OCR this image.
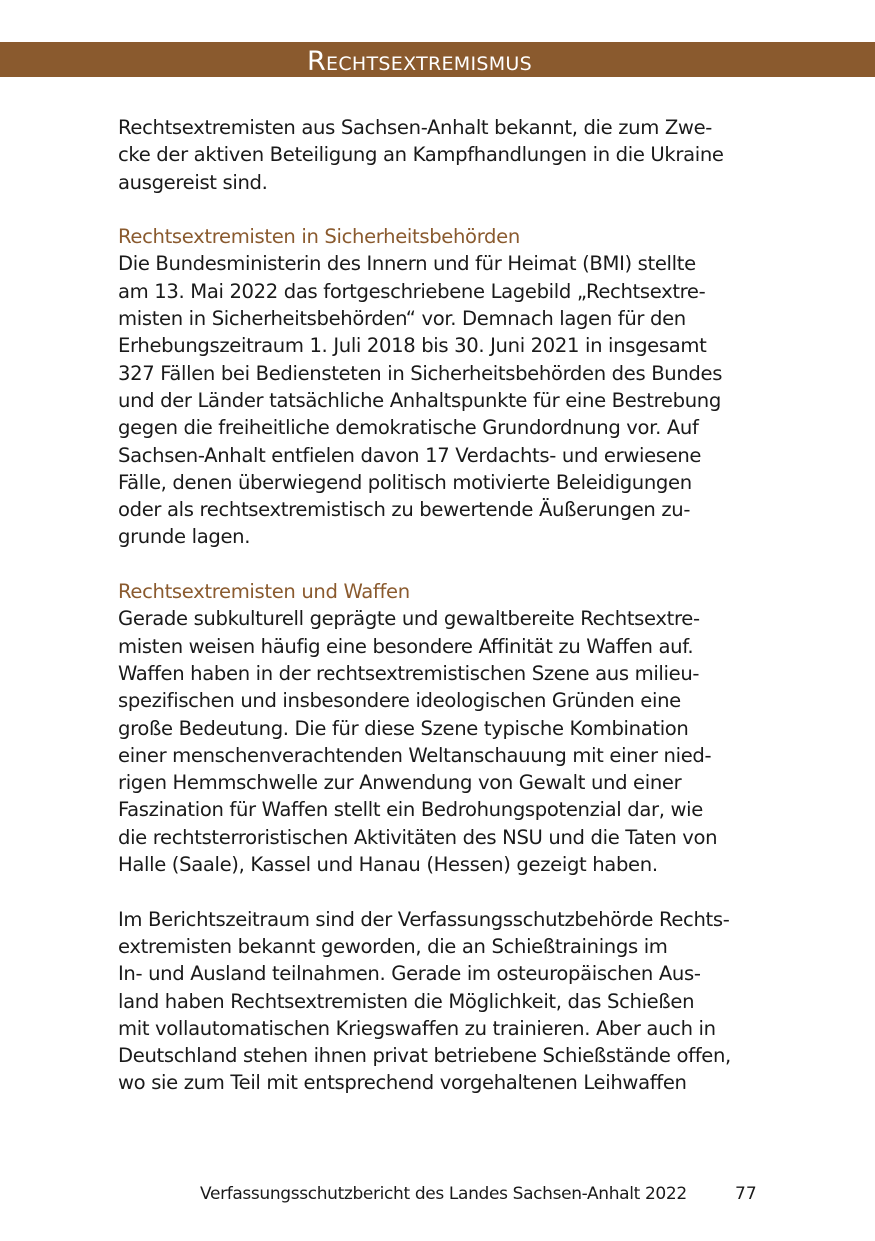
Rechtsextremismus
Rechtsextremisten aus Sachsen-Anhalt bekannt, die zum Zwe-
cke der aktiven Beteiligung an Kampfhandlungen in die Ukraine
ausgereist sind.
Rechtsextremisten in Sicherheitsbehörden
Die Bundesministerin des Innern und für Heimat (BMI) stellte
am 13. Mai 2022 das fortgeschriebene Lagebild „Rechtsextre-
misten in Sicherheitsbehörden“ vor. Demnach lagen für den
Erhebungszeitraum 1. Juli 2018 bis 30. Juni 2021 in insgesamt
327 Fällen bei Bediensteten in Sicherheitsbehörden des Bundes
und der Länder tatsächliche Anhaltspunkte für eine Bestrebung
gegen die freiheitliche demokratische Grundordnung vor. Auf
Sachsen-Anhalt entfielen davon 17 Verdachts- und erwiesene
Fälle, denen überwiegend politisch motivierte Beleidigungen
oder als rechtsextremistisch zu bewertende Äußerungen zu-
grunde lagen.
Rechtsextremisten und Waffen
Gerade subkulturell geprägte und gewaltbereite Rechtsextre-
misten weisen häufig eine besondere Affinität zu Waffen auf.
Waffen haben in der rechtsextremistischen Szene aus milieu-
spezifischen und insbesondere ideologischen Gründen eine
große Bedeutung. Die für diese Szene typische Kombination
einer menschenverachtenden Weltanschauung mit einer nied-
rigen Hemmschwelle zur Anwendung von Gewalt und einer
Faszination für Waffen stellt ein Bedrohungspotenzial dar, wie
die rechtsterroristischen Aktivitäten des NSU und die Taten von
Halle (Saale), Kassel und Hanau (Hessen) gezeigt haben.
Im Berichtszeitraum sind der Verfassungsschutzbehörde Rechts-
extremisten bekannt geworden, die an Schießtrainings im
In- und Ausland teilnahmen. Gerade im osteuropäischen Aus-
land haben Rechtsextremisten die Möglichkeit, das Schießen
mit vollautomatischen Kriegswaffen zu trainieren. Aber auch in
Deutschland stehen ihnen privat betriebene Schießstände offen,
wo sie zum Teil mit entsprechend vorgehaltenen Leihwaffen
Verfassungsschutzbericht des Landes Sachsen-Anhalt 2022	77
